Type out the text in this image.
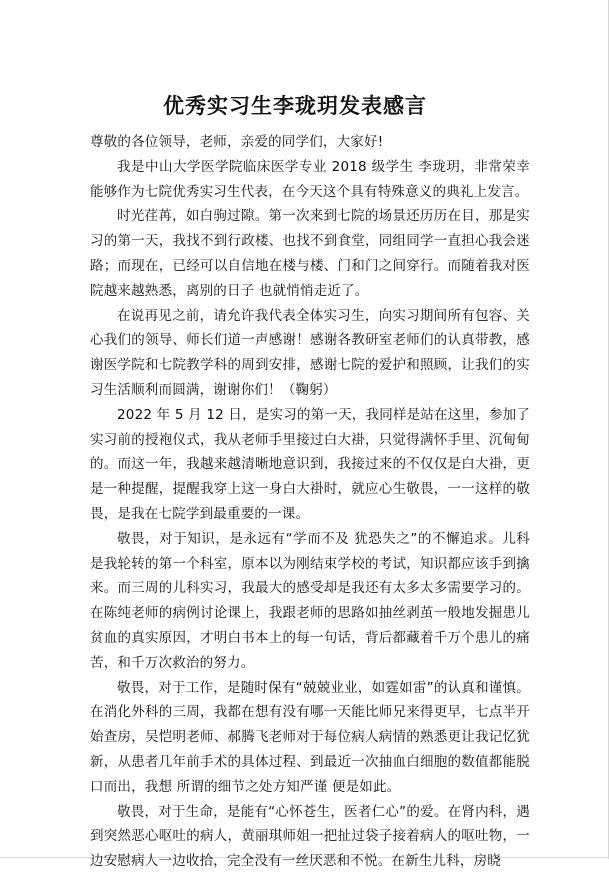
优秀实习生李珑玥发表感言

尊敬的各位领导，老师，亲爱的同学们，大家好!

我是中山大学医学院临床医学专业 2018 级学生 李珑玥，非常荣幸能够作为七院优秀实习生代表，在今天这个具有特殊意义的典礼上发言。

时光荏苒，如白驹过隙。第一次来到七院的场景还历历在目，那是实习的第一天，我找不到行政楼、也找不到食堂，同组同学一直担心我会迷路；而现在，已经可以自信地在楼与楼、门和门之间穿行。而随着我对医院越来越熟悉，离别的日子 也就悄悄走近了。

在说再见之前，请允许我代表全体实习生，向实习期间所有包容、关心我们的领导、师长们道一声感谢！感谢各教研室老师们的认真带教，感谢医学院和七院教学科的周到安排，感谢七院的爱护和照顾，让我们的实习生活顺利而圆满，谢谢你们！（鞠躬）

2022 年 5 月 12 日，是实习的第一天，我同样是站在这里，参加了实习前的授袍仪式，我从老师手里接过白大褂，只觉得满怀手里、沉甸甸的。而这一年，我越来越清晰地意识到，我接过来的不仅仅是白大褂，更是一种提醒，提醒我穿上这一身白大褂时，就应心生敬畏，一一这样的敬畏，是我在七院学到最重要的一课。

敬畏，对于知识，是永远有“学而不及 犹恐失之”的不懈追求。儿科是我轮转的第一个科室，原本以为刚结束学校的考试，知识都应该手到擒来。而三周的儿科实习，我最大的感受却是我还有太多太多需要学习的。在陈纯老师的病例讨论课上，我跟老师的思路如抽丝剥茧一般地发掘患儿贫血的真实原因，才明白书本上的每一句话，背后都藏着千万个患儿的痛苦，和千万次救治的努力。

敬畏，对于工作，是随时保有“兢兢业业，如霆如雷”的认真和谨慎。在消化外科的三周，我都在想有没有哪一天能比师兄来得更早，七点半开始查房，吴恺明老师、郝腾飞老师对于每位病人病情的熟悉更让我记忆犹新，从患者几年前手术的具体过程、到最近一次抽血白细胞的数值都能脱口而出，我想 所谓的细节之处方知严谨 便是如此。

敬畏，对于生命，是能有“心怀苍生，医者仁心”的爱。在肾内科，遇到突然恶心呕吐的病人，黄丽琪师姐一把扯过袋子接着病人的呕吐物，一边安慰病人一边收拾，完全没有一丝厌恶和不悦。在新生儿科，房晓
